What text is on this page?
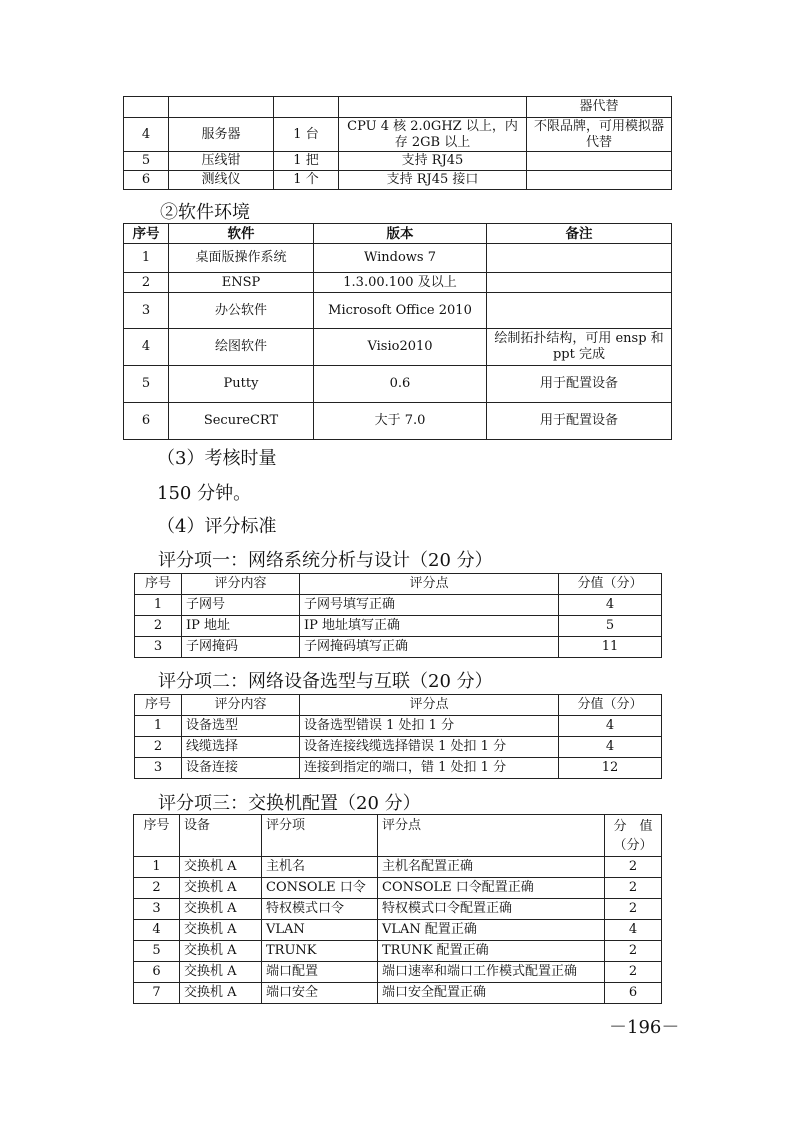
				器代替
4	服务器	1 台	CPU 4 核 2.0GHZ 以上，内存 2GB 以上	不限品牌，可用模拟器代替
5	压线钳	1 把	支持 RJ45	
6	测线仪	1 个	支持 RJ45 接口	
②软件环境
序号	软件	版本	备注
1	桌面版操作系统	Windows 7	
2	ENSP	1.3.00.100 及以上	
3	办公软件	Microsoft Office 2010	
4	绘图软件	Visio2010	绘制拓扑结构，可用 ensp 和 ppt 完成
5	Putty	0.6	用于配置设备
6	SecureCRT	大于 7.0	用于配置设备
（3）考核时量
150 分钟。
（4）评分标准
评分项一：网络系统分析与设计（20 分）
序号	评分内容	评分点	分值（分）
1	子网号	子网号填写正确	4
2	IP 地址	IP 地址填写正确	5
3	子网掩码	子网掩码填写正确	11
评分项二：网络设备选型与互联（20 分）
序号	评分内容	评分点	分值（分）
1	设备选型	设备选型错误 1 处扣 1 分	4
2	线缆选择	设备连接线缆选择错误 1 处扣 1 分	4
3	设备连接	连接到指定的端口，错 1 处扣 1 分	12
评分项三：交换机配置（20 分）
序号	设备	评分项	评分点	分　值
（分）

1	交换机 A	主机名	主机名配置正确	2
2	交换机 A	CONSOLE 口令	CONSOLE 口令配置正确	2
3	交换机 A	特权模式口令	特权模式口令配置正确	2
4	交换机 A	VLAN	VLAN 配置正确	4
5	交换机 A	TRUNK	TRUNK 配置正确	2
6	交换机 A	端口配置	端口速率和端口工作模式配置正确	2
7	交换机 A	端口安全	端口安全配置正确	6
－196－
